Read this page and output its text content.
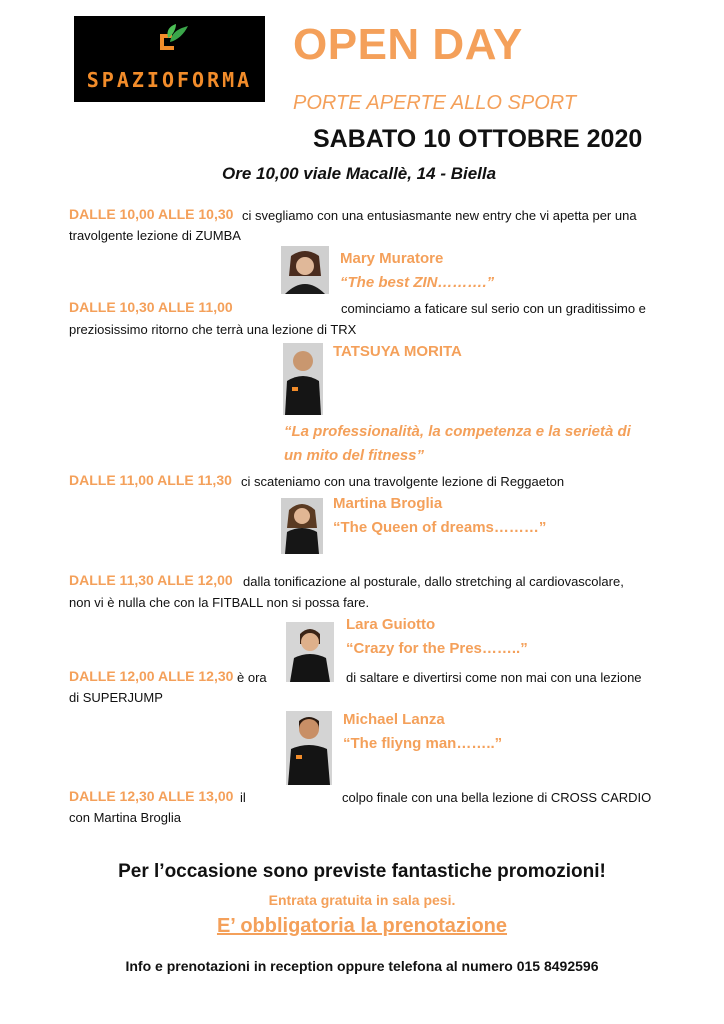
SPAZIOFORMA
OPEN DAY
PORTE APERTE ALLO SPORT
SABATO 10 OTTOBRE 2020
Ore 10,00 viale Macallè, 14 - Biella
DALLE 10,00 ALLE 10,30 ci svegliamo con una entusiasmante new entry che vi apetta per una
travolgente lezione di ZUMBA
Mary Muratore
“The best ZIN……….”
DALLE 10,30 ALLE 11,00	cominciamo a faticare sul serio con un graditissimo e
preziosissimo ritorno che terrà una lezione di TRX
TATSUYA MORITA
“La professionalità, la competenza e la serietà di
un mito del fitness”
DALLE 11,00 ALLE 11,30 ci scateniamo con una travolgente lezione di Reggaeton
Martina Broglia
“The Queen of dreams………”
DALLE 11,30 ALLE 12,00 dalla tonificazione al posturale, dallo stretching al cardiovascolare,
non vi è nulla che con la FITBALL non si possa fare.
Lara Guiotto
“Crazy for the Pres……..”
DALLE 12,00 ALLE 12,30 è ora	di saltare e divertirsi come non mai con una lezione
di SUPERJUMP
Michael Lanza
“The fliyng man……..”
DALLE 12,30 ALLE 13,00 il	colpo finale con una bella lezione di CROSS CARDIO
con Martina Broglia
Per l’occasione sono previste fantastiche promozioni!
Entrata gratuita in sala pesi.
E’ obbligatoria la prenotazione
Info e prenotazioni in reception oppure telefona al numero 015 8492596
